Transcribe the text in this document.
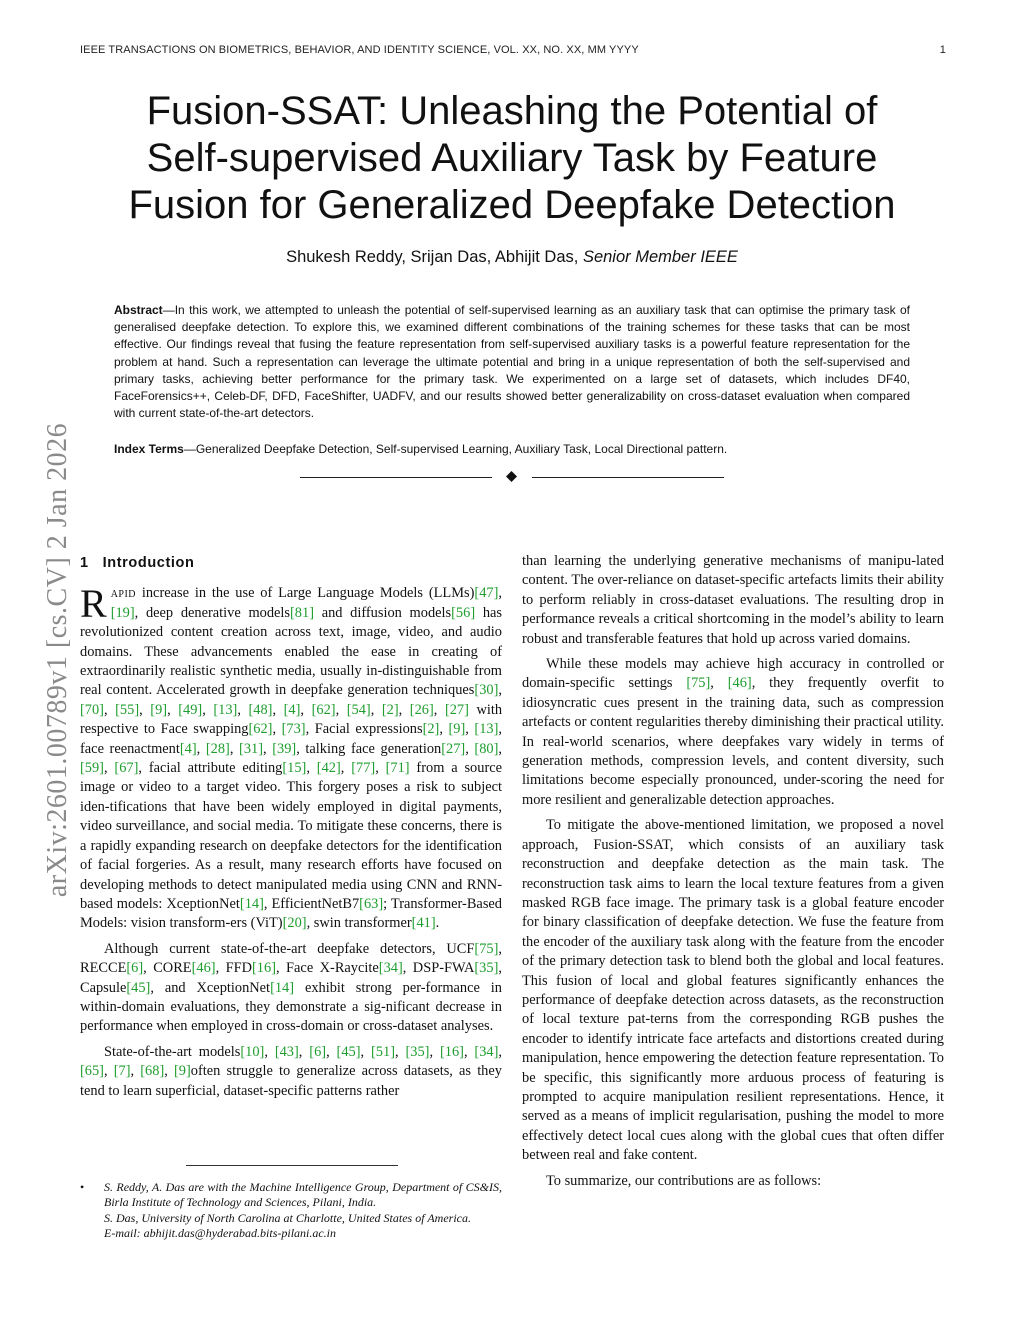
IEEE TRANSACTIONS ON BIOMETRICS, BEHAVIOR, AND IDENTITY SCIENCE, VOL. XX, NO. XX, MM YYYY	1
arXiv:2601.00789v1 [cs.CV] 2 Jan 2026
Fusion-SSAT: Unleashing the Potential of Self-supervised Auxiliary Task by Feature Fusion for Generalized Deepfake Detection
Shukesh Reddy, Srijan Das, Abhijit Das, Senior Member IEEE
Abstract—In this work, we attempted to unleash the potential of self-supervised learning as an auxiliary task that can optimise the primary task of generalised deepfake detection. To explore this, we examined different combinations of the training schemes for these tasks that can be most effective. Our findings reveal that fusing the feature representation from self-supervised auxiliary tasks is a powerful feature representation for the problem at hand. Such a representation can leverage the ultimate potential and bring in a unique representation of both the self-supervised and primary tasks, achieving better performance for the primary task. We experimented on a large set of datasets, which includes DF40, FaceForensics++, Celeb-DF, DFD, FaceShifter, UADFV, and our results showed better generalizability on cross-dataset evaluation when compared with current state-of-the-art detectors.
Index Terms—Generalized Deepfake Detection, Self-supervised Learning, Auxiliary Task, Local Directional pattern.
1 Introduction

Rapid increase in the use of Large Language Models (LLMs)[47], [19], deep denerative models[81] and diffusion models[56] has revolutionized content creation across text, image, video, and audio domains. These advancements enabled the ease in creating of extraordinarily realistic synthetic media, usually in-distinguishable from real content. Accelerated growth in deepfake generation techniques[30], [70], [55], [9], [49], [13], [48], [4], [62], [54], [2], [26], [27] with respective to Face swapping[62], [73], Facial expressions[2], [9], [13], face reenactment[4], [28], [31], [39], talking face generation[27], [80], [59], [67], facial attribute editing[15], [42], [77], [71] from a source image or video to a target video. This forgery poses a risk to subject iden-tifications that have been widely employed in digital payments, video surveillance, and social media. To mitigate these concerns, there is a rapidly expanding research on deepfake detectors for the identification of facial forgeries. As a result, many research efforts have focused on developing methods to detect manipulated media using CNN and RNN-based models: XceptionNet[14], EfficientNetB7[63]; Transformer-Based Models: vision transform-ers (ViT)[20], swin transformer[41].

Although current state-of-the-art deepfake detectors, UCF[75], RECCE[6], CORE[46], FFD[16], Face X-Raycite[34], DSP-FWA[35], Capsule[45], and XceptionNet[14] exhibit strong per-formance in within-domain evaluations, they demonstrate a sig-nificant decrease in performance when employed in cross-domain or cross-dataset analyses.

State-of-the-art models[10], [43], [6], [45], [51], [35], [16], [34], [65], [7], [68], [9]often struggle to generalize across datasets, as they tend to learn superficial, dataset-specific patterns rather

than learning the underlying generative mechanisms of manipu-lated content. The over-reliance on dataset-specific artefacts limits their ability to perform reliably in cross-dataset evaluations. The resulting drop in performance reveals a critical shortcoming in the model’s ability to learn robust and transferable features that hold up across varied domains.

While these models may achieve high accuracy in controlled or domain-specific settings [75], [46], they frequently overfit to idiosyncratic cues present in the training data, such as compression artefacts or content regularities thereby diminishing their practical utility. In real-world scenarios, where deepfakes vary widely in terms of generation methods, compression levels, and content diversity, such limitations become especially pronounced, under-scoring the need for more resilient and generalizable detection approaches.

To mitigate the above-mentioned limitation, we proposed a novel approach, Fusion-SSAT, which consists of an auxiliary task reconstruction and deepfake detection as the main task. The reconstruction task aims to learn the local texture features from a given masked RGB face image. The primary task is a global feature encoder for binary classification of deepfake detection. We fuse the feature from the encoder of the auxiliary task along with the feature from the encoder of the primary detection task to blend both the global and local features. This fusion of local and global features significantly enhances the performance of deepfake detection across datasets, as the reconstruction of local texture pat-terns from the corresponding RGB pushes the encoder to identify intricate face artefacts and distortions created during manipulation, hence empowering the detection feature representation. To be specific, this significantly more arduous process of featuring is prompted to acquire manipulation resilient representations. Hence, it served as a means of implicit regularisation, pushing the model to more effectively detect local cues along with the global cues that often differ between real and fake content.

To summarize, our contributions are as follows:

• S. Reddy, A. Das are with the Machine Intelligence Group, Department of CS&IS, Birla Institute of Technology and Sciences, Pilani, India.
S. Das, University of North Carolina at Charlotte, United States of America.
E-mail: abhijit.das@hyderabad.bits-pilani.ac.in
